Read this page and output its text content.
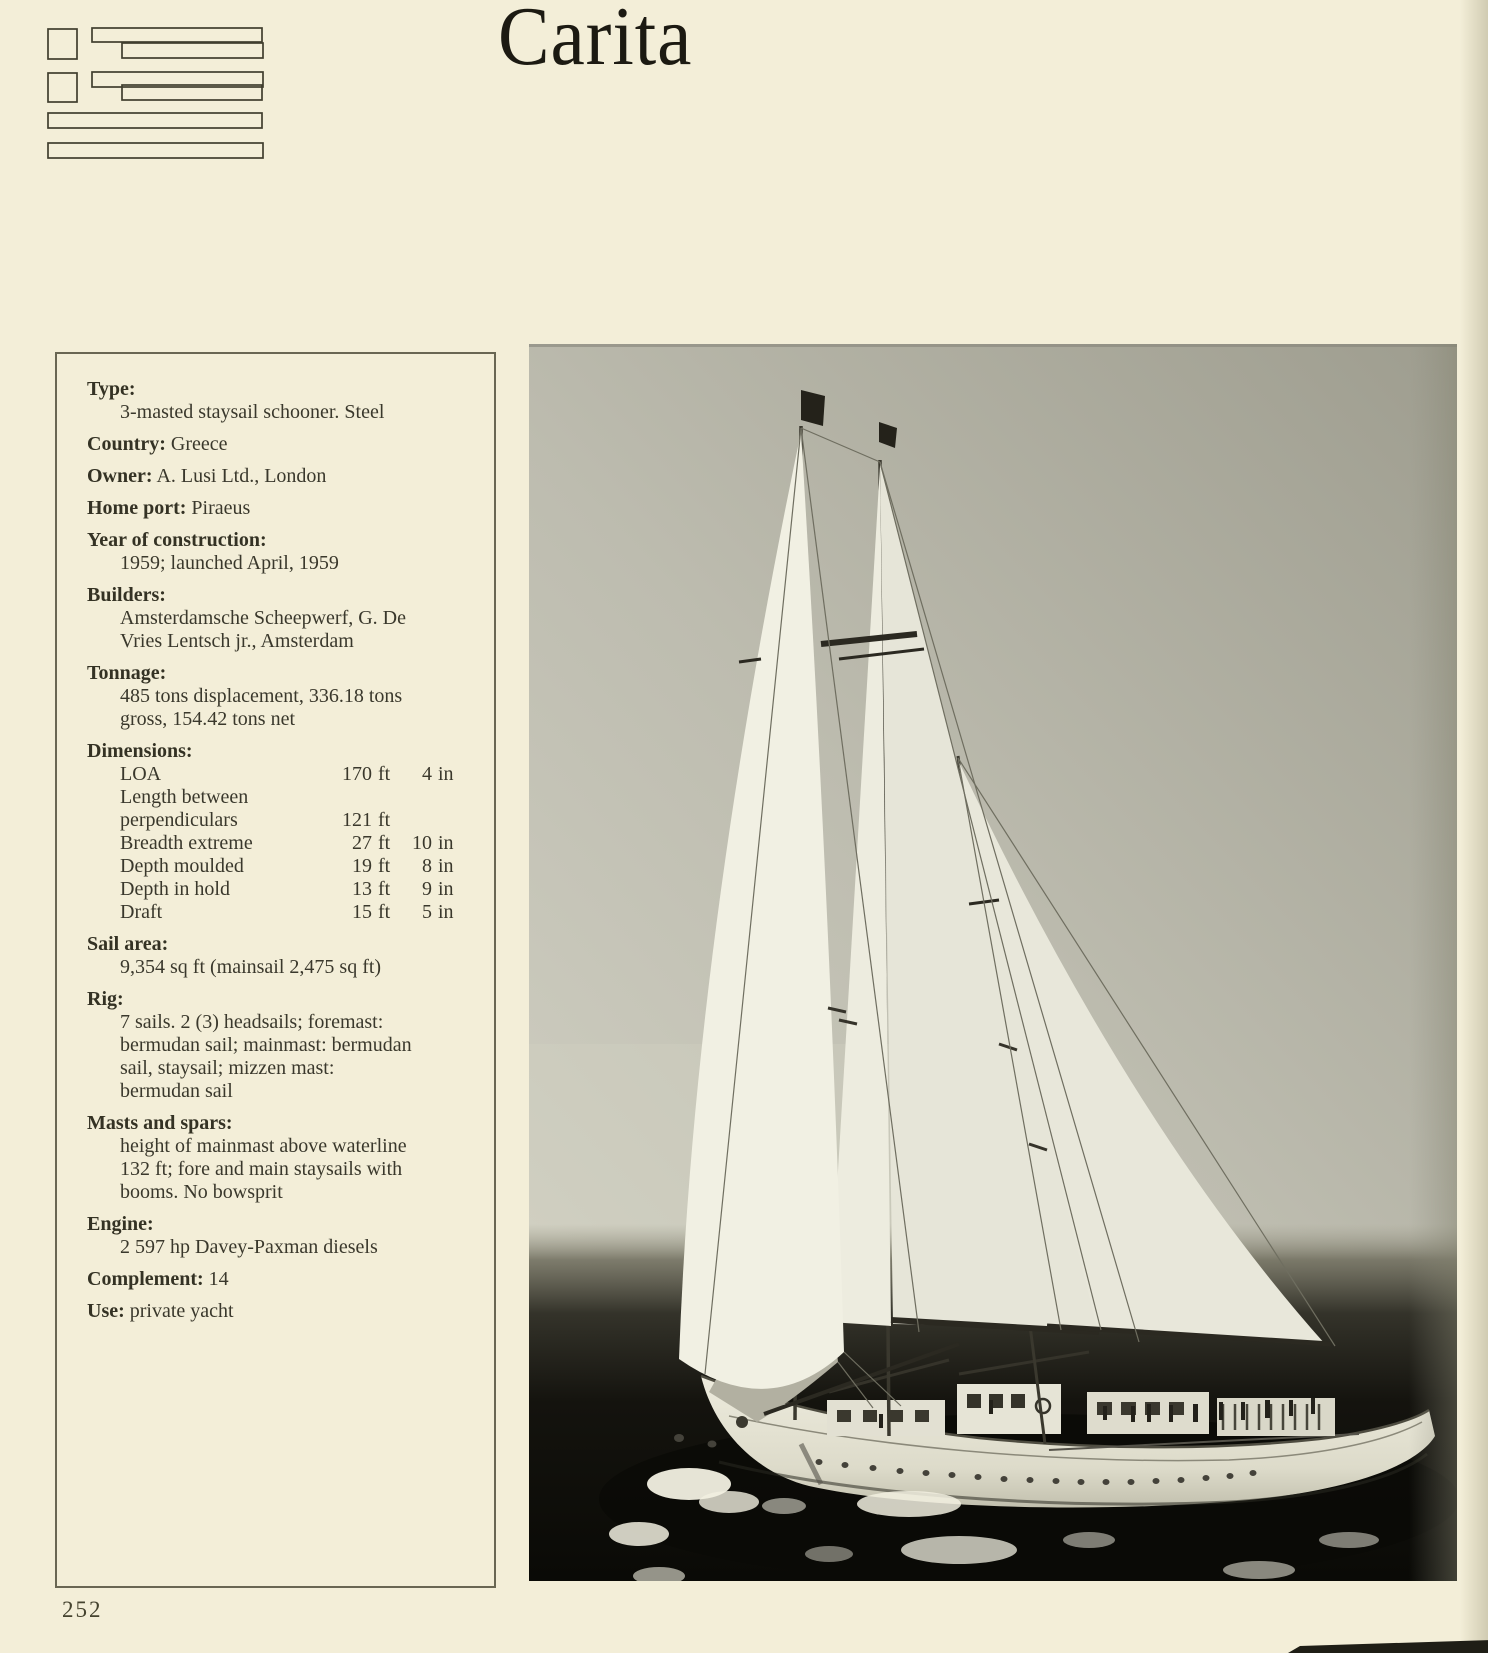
Carita
Type:
3-masted staysail schooner. Steel
Country: Greece
Owner: A. Lusi Ltd., London
Home port: Piraeus
Year of construction:
1959; launched April, 1959
Builders:
Amsterdamsche Scheepwerf, G. De
Vries Lentsch jr., Amsterdam
Tonnage:
485 tons displacement, 336.18 tons
gross, 154.42 tons net
Dimensions:
LOA	170 ft	4 in
Length between
perpendiculars	121 ft
Breadth extreme	27 ft	10 in
Depth moulded	19 ft	8 in
Depth in hold	13 ft	9 in
Draft	15 ft	5 in
Sail area:
9,354 sq ft (mainsail 2,475 sq ft)
Rig:
7 sails. 2 (3) headsails; foremast:
bermudan sail; mainmast: bermudan
sail, staysail; mizzen mast:
bermudan sail
Masts and spars:
height of mainmast above waterline
132 ft; fore and main staysails with
booms. No bowsprit
Engine:
2 597 hp Davey-Paxman diesels
Complement: 14
Use: private yacht
252
